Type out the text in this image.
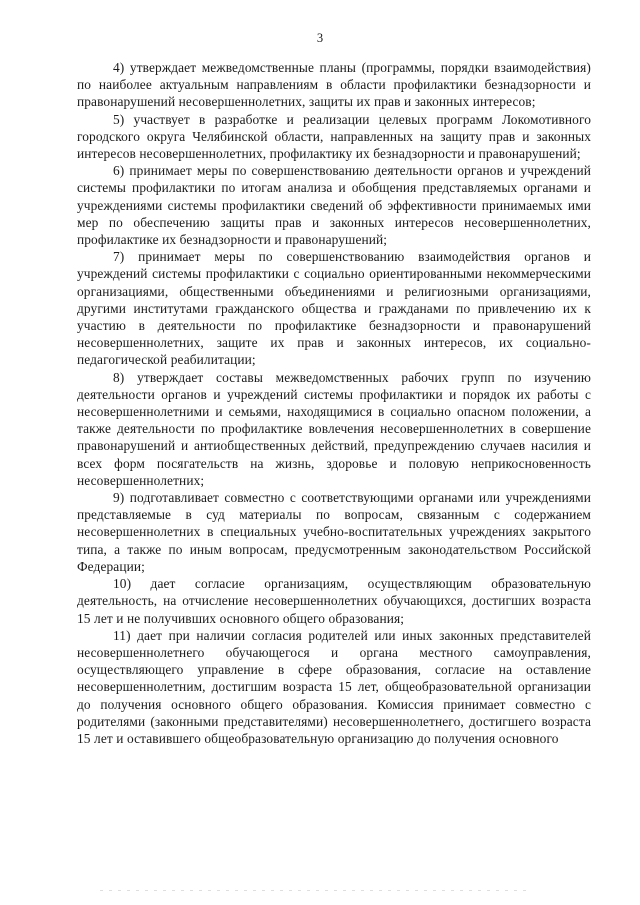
3

4) утверждает межведомственные планы (программы, порядки взаимодействия) по наиболее актуальным направлениям в области профилактики безнадзорности и правонарушений несовершеннолетних, защиты их прав и законных интересов;

5) участвует в разработке и реализации целевых программ Локомотивного городского округа Челябинской области, направленных на защиту прав и законных интересов несовершеннолетних, профилактику их безнадзорности и правонарушений;

6) принимает меры по совершенствованию деятельности органов и учреждений системы профилактики по итогам анализа и обобщения представляемых органами и учреждениями системы профилактики сведений об эффективности принимаемых ими мер по обеспечению защиты прав и законных интересов несовершеннолетних, профилактике их безнадзорности и правонарушений;

7) принимает меры по совершенствованию взаимодействия органов и учреждений системы профилактики с социально ориентированными некоммерческими организациями, общественными объединениями и религиозными организациями, другими институтами гражданского общества и гражданами по привлечению их к участию в деятельности по профилактике безнадзорности и правонарушений несовершеннолетних, защите их прав и законных интересов, их социально-педагогической реабилитации;

8) утверждает составы межведомственных рабочих групп по изучению деятельности органов и учреждений системы профилактики и порядок их работы с несовершеннолетними и семьями, находящимися в социально опасном положении, а также деятельности по профилактике вовлечения несовершеннолетних в совершение правонарушений и антиобщественных действий, предупреждению случаев насилия и всех форм посягательств на жизнь, здоровье и половую неприкосновенность несовершеннолетних;

9) подготавливает совместно с соответствующими органами или учреждениями представляемые в суд материалы по вопросам, связанным с содержанием несовершеннолетних в специальных учебно-воспитательных учреждениях закрытого типа, а также по иным вопросам, предусмотренным законодательством Российской Федерации;

10) дает согласие организациям, осуществляющим образовательную деятельность, на отчисление несовершеннолетних обучающихся, достигших возраста 15 лет и не получивших основного общего образования;

11) дает при наличии согласия родителей или иных законных представителей несовершеннолетнего обучающегося и органа местного самоуправления, осуществляющего управление в сфере образования, согласие на оставление несовершеннолетним, достигшим возраста 15 лет, общеобразовательной организации до получения основного общего образования. Комиссия принимает совместно с родителями (законными представителями) несовершеннолетнего, достигшего возраста 15 лет и оставившего общеобразовательную организацию до получения основного
